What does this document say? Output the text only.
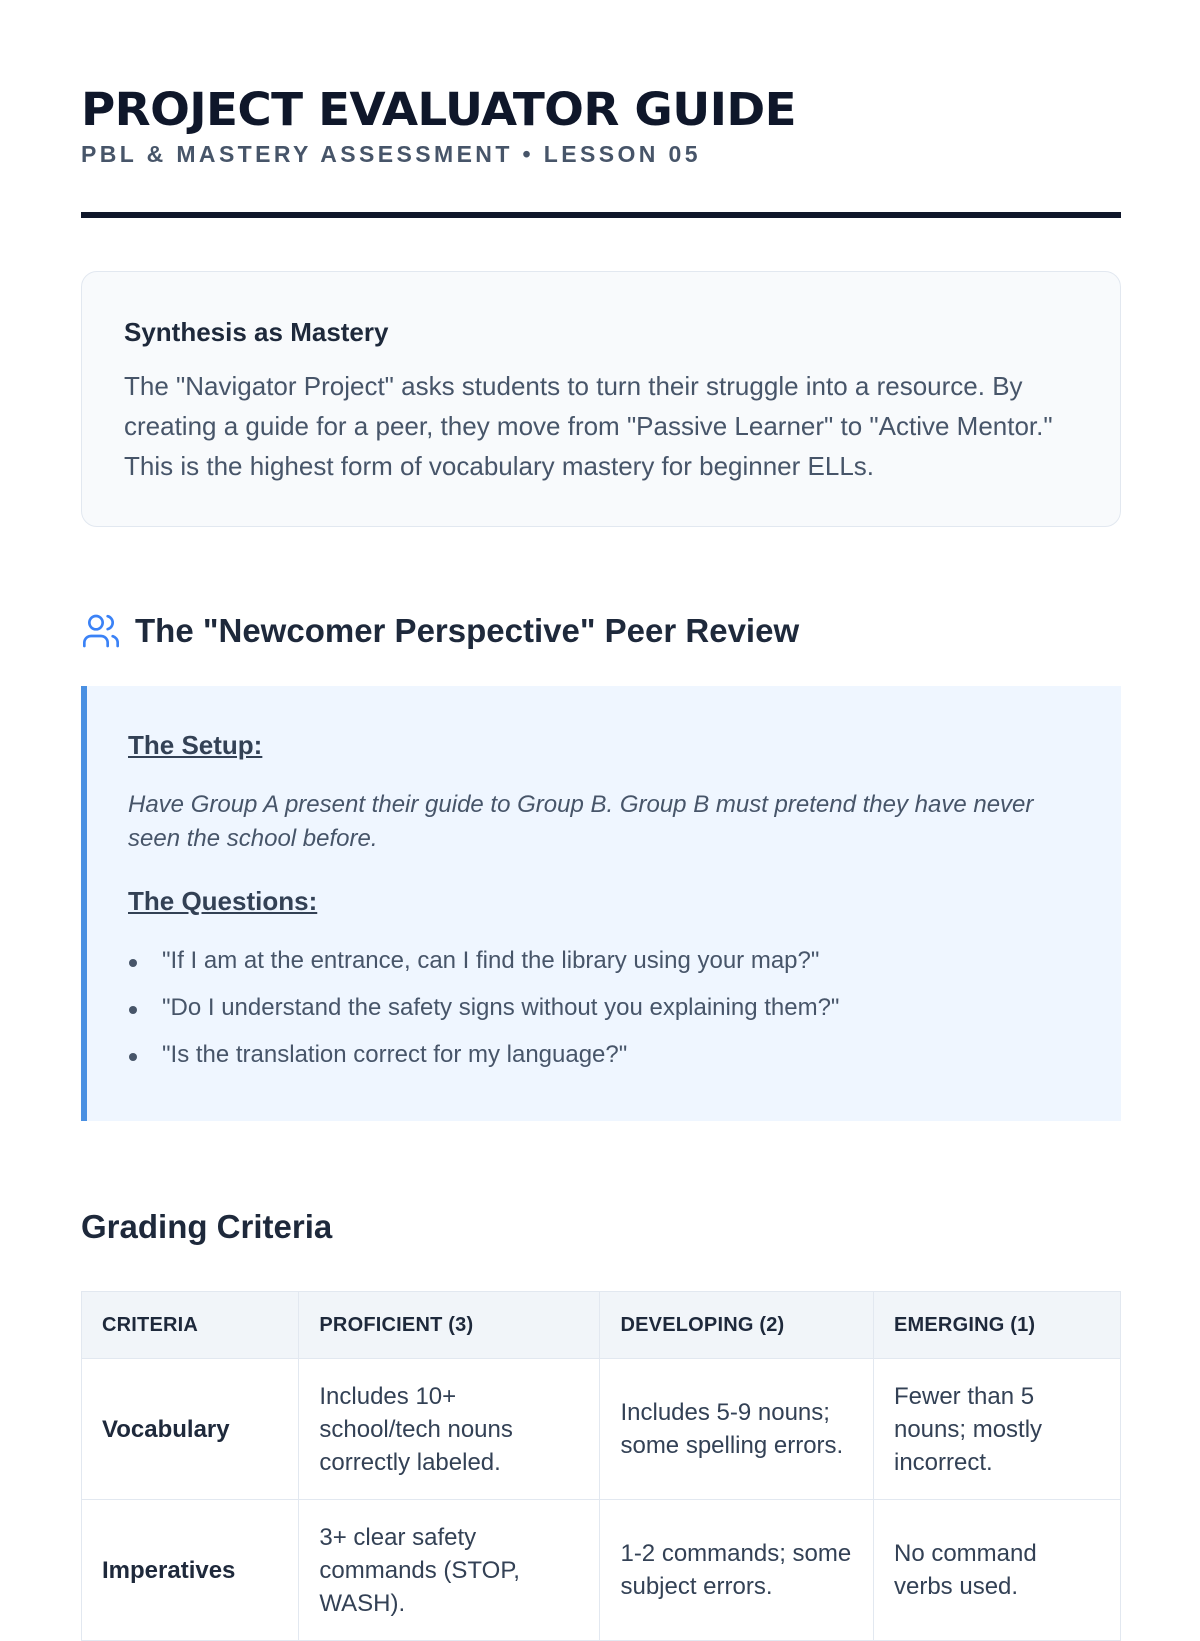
PROJECT EVALUATOR GUIDE
PBL & MASTERY ASSESSMENT • LESSON 05
Synthesis as Mastery

The "Navigator Project" asks students to turn their struggle into a resource. By creating a guide for a peer, they move from "Passive Learner" to "Active Mentor." This is the highest form of vocabulary mastery for beginner ELLs.

The "Newcomer Perspective" Peer Review
The Setup:

Have Group A present their guide to Group B. Group B must pretend they have never seen the school before.

The Questions:
"If I am at the entrance, can I find the library using your map?"
"Do I understand the safety signs without you explaining them?"
"Is the translation correct for my language?"
Grading Criteria
CRITERIA	PROFICIENT (3)	DEVELOPING (2)	EMERGING (1)
Vocabulary	Includes 10+ school/tech nouns correctly labeled.	Includes 5-9 nouns; some spelling errors.	Fewer than 5 nouns; mostly incorrect.
Imperatives	3+ clear safety commands (STOP, WASH).	1-2 commands; some subject errors.	No command verbs used.
